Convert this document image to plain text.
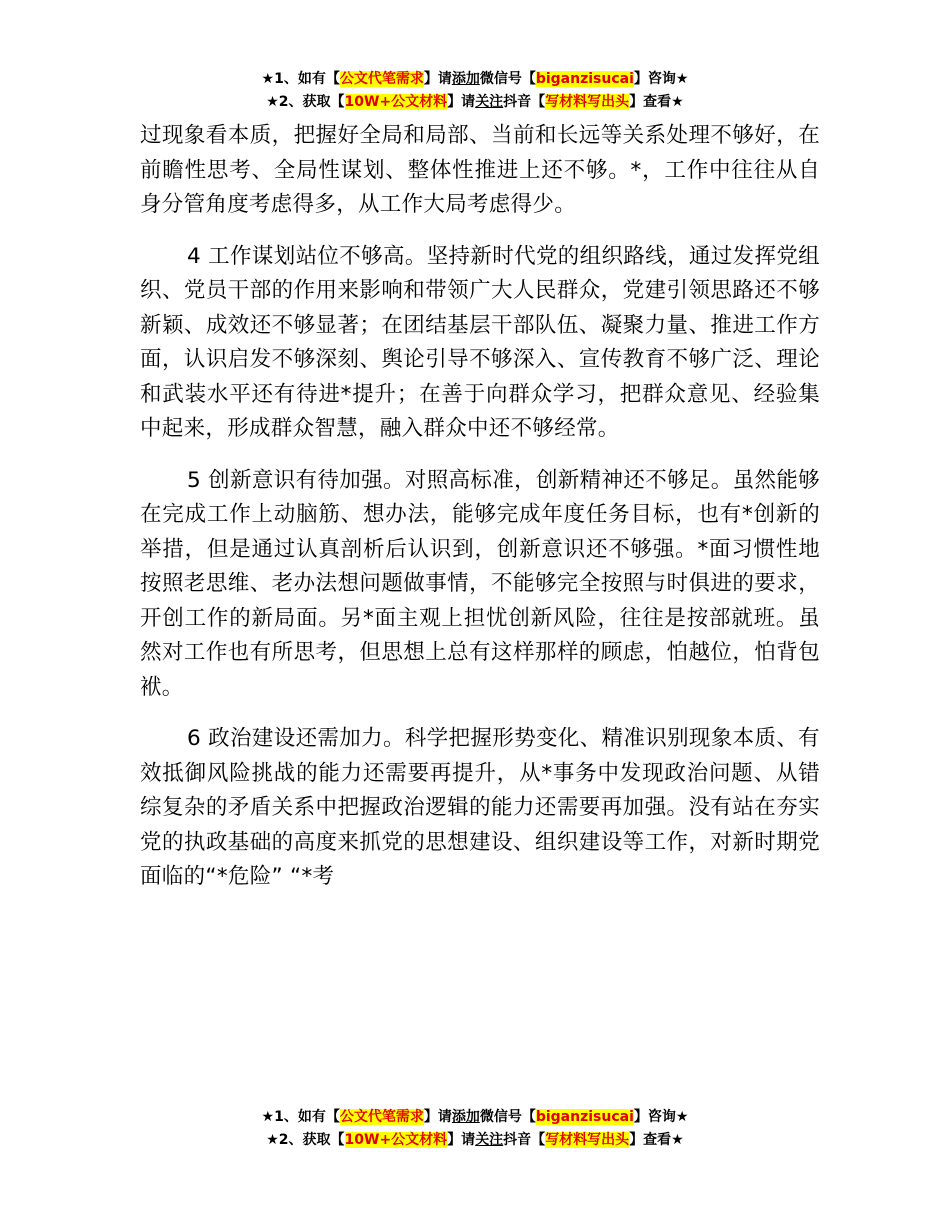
★1、如有【公文代笔需求】请添加微信号【biganzisucai】咨询★
★2、获取【10W+公文材料】请关注抖音【写材料写出头】查看★

过现象看本质，把握好全局和局部、当前和长远等关系处理不够好，在前瞻性思考、全局性谋划、整体性推进上还不够。*，工作中往往从自身分管角度考虑得多，从工作大局考虑得少。

4 工作谋划站位不够高。坚持新时代党的组织路线，通过发挥党组织、党员干部的作用来影响和带领广大人民群众，党建引领思路还不够新颖、成效还不够显著；在团结基层干部队伍、凝聚力量、推进工作方面，认识启发不够深刻、舆论引导不够深入、宣传教育不够广泛、理论和武装水平还有待进*提升；在善于向群众学习，把群众意见、经验集中起来，形成群众智慧，融入群众中还不够经常。

5 创新意识有待加强。对照高标准，创新精神还不够足。虽然能够在完成工作上动脑筋、想办法，能够完成年度任务目标，也有*创新的举措，但是通过认真剖析后认识到，创新意识还不够强。*面习惯性地按照老思维、老办法想问题做事情，不能够完全按照与时俱进的要求，开创工作的新局面。另*面主观上担忧创新风险，往往是按部就班。虽然对工作也有所思考，但思想上总有这样那样的顾虑，怕越位，怕背包袱。

6 政治建设还需加力。科学把握形势变化、精准识别现象本质、有效抵御风险挑战的能力还需要再提升，从*事务中发现政治问题、从错综复杂的矛盾关系中把握政治逻辑的能力还需要再加强。没有站在夯实党的执政基础的高度来抓党的思想建设、组织建设等工作，对新时期党面临的“*危险” “*考

★1、如有【公文代笔需求】请添加微信号【biganzisucai】咨询★
★2、获取【10W+公文材料】请关注抖音【写材料写出头】查看★
